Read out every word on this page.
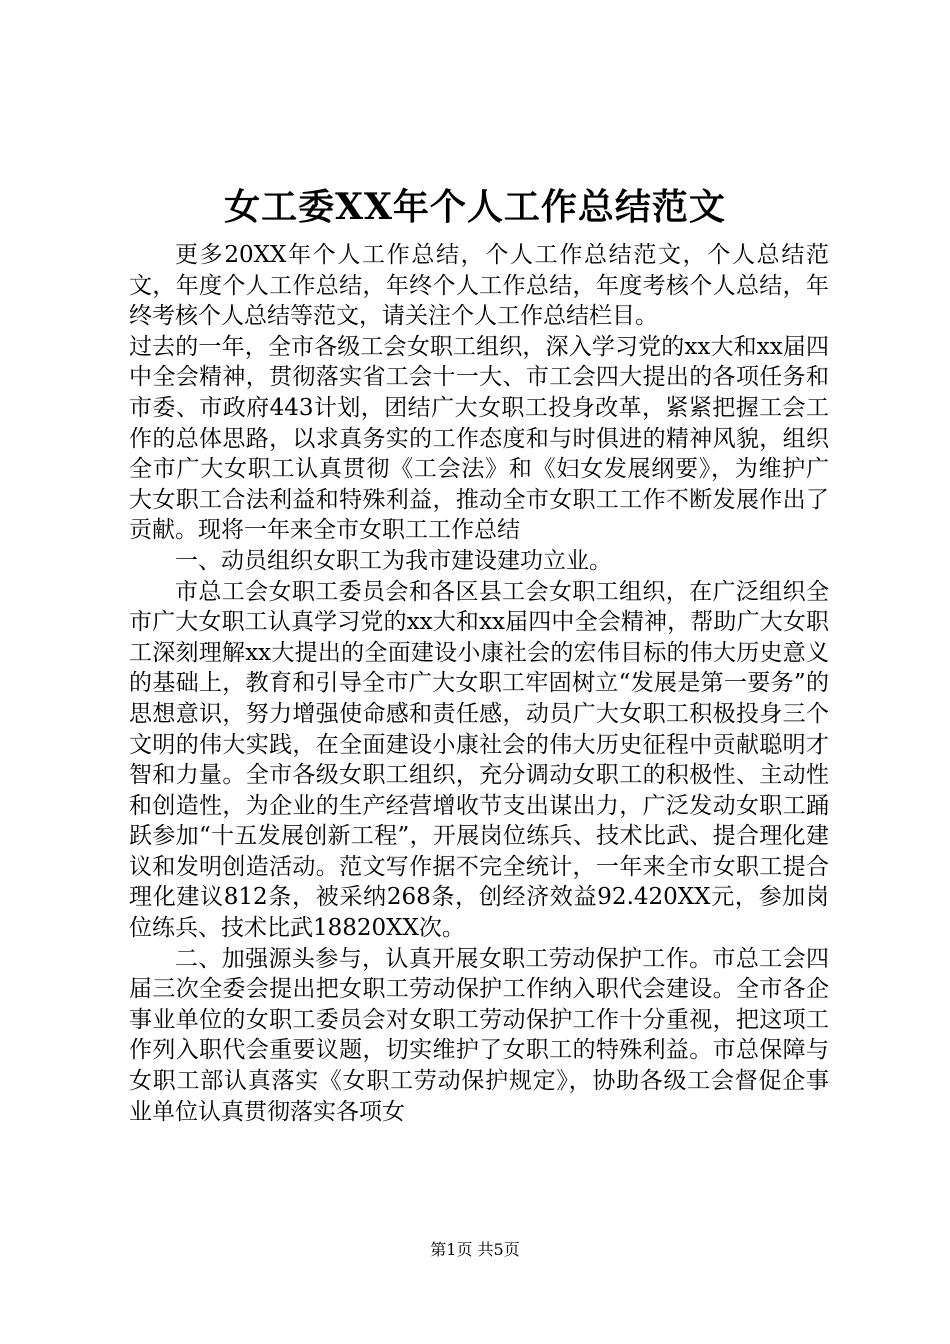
女工委XX年个人工作总结范文

更多20XX年个人工作总结，个人工作总结范文，个人总结范文，年度个人工作总结，年终个人工作总结，年度考核个人总结，年终考核个人总结等范文，请关注个人工作总结栏目。

过去的一年，全市各级工会女职工组织，深入学习党的xx大和xx届四中全会精神，贯彻落实省工会十一大、市工会四大提出的各项任务和市委、市政府443计划，团结广大女职工投身改革，紧紧把握工会工作的总体思路，以求真务实的工作态度和与时俱进的精神风貌，组织全市广大女职工认真贯彻《工会法》和《妇女发展纲要》，为维护广大女职工合法利益和特殊利益，推动全市女职工工作不断发展作出了贡献。现将一年来全市女职工工作总结

一、动员组织女职工为我市建设建功立业。

市总工会女职工委员会和各区县工会女职工组织，在广泛组织全市广大女职工认真学习党的xx大和xx届四中全会精神，帮助广大女职工深刻理解xx大提出的全面建设小康社会的宏伟目标的伟大历史意义的基础上，教育和引导全市广大女职工牢固树立“发展是第一要务”的思想意识，努力增强使命感和责任感，动员广大女职工积极投身三个文明的伟大实践，在全面建设小康社会的伟大历史征程中贡献聪明才智和力量。全市各级女职工组织，充分调动女职工的积极性、主动性和创造性，为企业的生产经营增收节支出谋出力，广泛发动女职工踊跃参加“十五发展创新工程”，开展岗位练兵、技术比武、提合理化建议和发明创造活动。范文写作据不完全统计，一年来全市女职工提合理化建议812条，被采纳268条，创经济效益92.420XX元，参加岗位练兵、技术比武18820XX次。

二、加强源头参与，认真开展女职工劳动保护工作。市总工会四届三次全委会提出把女职工劳动保护工作纳入职代会建设。全市各企事业单位的女职工委员会对女职工劳动保护工作十分重视，把这项工作列入职代会重要议题，切实维护了女职工的特殊利益。市总保障与女职工部认真落实《女职工劳动保护规定》，协助各级工会督促企事业单位认真贯彻落实各项女

第1页 共5页
